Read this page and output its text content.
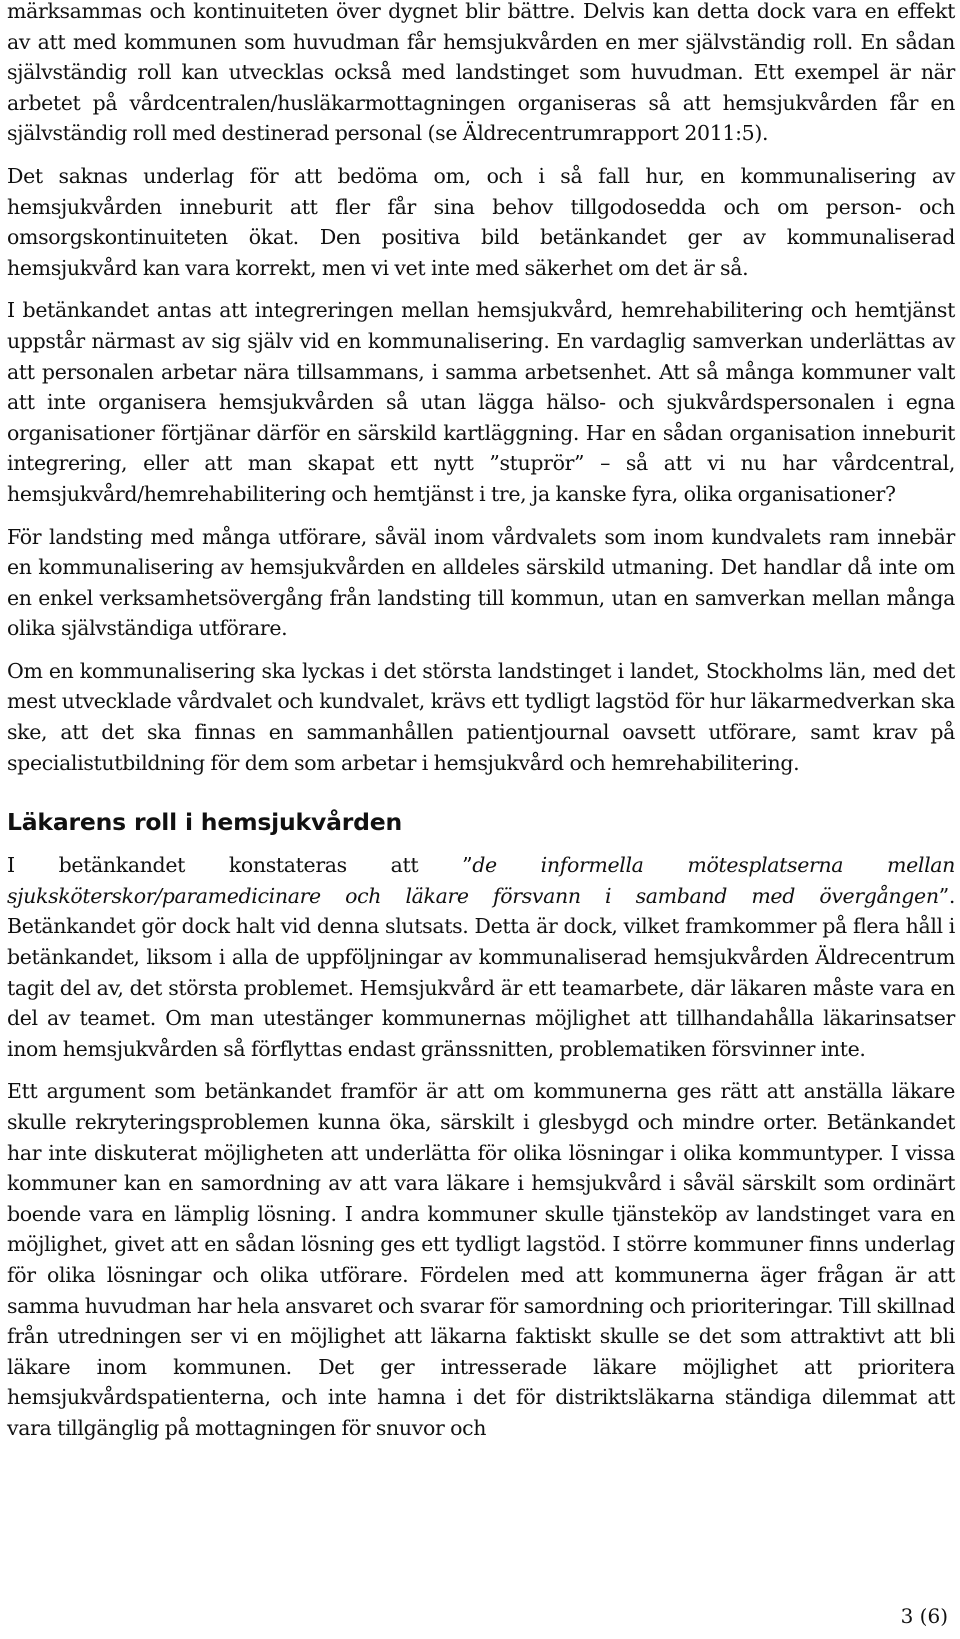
märksammas och kontinuiteten över dygnet blir bättre. Delvis kan detta dock vara en effekt av att med kommunen som huvudman får hemsjukvården en mer självständig roll. En sådan självständig roll kan utvecklas också med landstinget som huvudman. Ett exempel är när arbetet på vårdcentralen/husläkarmottagningen organiseras så att hemsjukvården får en självständig roll med destinerad personal (se Äldrecentrumrapport 2011:5).

Det saknas underlag för att bedöma om, och i så fall hur, en kommunalisering av hemsjukvården inneburit att fler får sina behov tillgodosedda och om person- och omsorgskontinuiteten ökat. Den positiva bild betänkandet ger av kommunaliserad hemsjukvård kan vara korrekt, men vi vet inte med säkerhet om det är så.

I betänkandet antas att integreringen mellan hemsjukvård, hemrehabilitering och hemtjänst uppstår närmast av sig själv vid en kommunalisering. En vardaglig samverkan underlättas av att personalen arbetar nära tillsammans, i samma arbetsenhet. Att så många kommuner valt att inte organisera hemsjukvården så utan lägga hälso- och sjukvårdspersonalen i egna organisationer förtjänar därför en särskild kartläggning. Har en sådan organisation inneburit integrering, eller att man skapat ett nytt ”stuprör” – så att vi nu har vårdcentral, hemsjukvård/hemrehabilitering och hemtjänst i tre, ja kanske fyra, olika organisationer?

För landsting med många utförare, såväl inom vårdvalets som inom kundvalets ram innebär en kommunalisering av hemsjukvården en alldeles särskild utmaning. Det handlar då inte om en enkel verksamhetsövergång från landsting till kommun, utan en samverkan mellan många olika självständiga utförare.

Om en kommunalisering ska lyckas i det största landstinget i landet, Stockholms län, med det mest utvecklade vårdvalet och kundvalet, krävs ett tydligt lagstöd för hur läkarmedverkan ska ske, att det ska finnas en sammanhållen patientjournal oavsett utförare, samt krav på specialistutbildning för dem som arbetar i hemsjukvård och hemrehabilitering.

Läkarens roll i hemsjukvården

I betänkandet konstateras att ”de informella mötesplatserna mellan sjuksköterskor/paramedicinare och läkare försvann i samband med övergången”. Betänkandet gör dock halt vid denna slutsats. Detta är dock, vilket framkommer på flera håll i betänkandet, liksom i alla de uppföljningar av kommunaliserad hemsjukvården Äldrecentrum tagit del av, det största problemet. Hemsjukvård är ett teamarbete, där läkaren måste vara en del av teamet. Om man utestänger kommunernas möjlighet att tillhandahålla läkarinsatser inom hemsjukvården så förflyttas endast gränssnitten, problematiken försvinner inte.

Ett argument som betänkandet framför är att om kommunerna ges rätt att anställa läkare skulle rekryteringsproblemen kunna öka, särskilt i glesbygd och mindre orter. Betänkandet har inte diskuterat möjligheten att underlätta för olika lösningar i olika kommuntyper. I vissa kommuner kan en samordning av att vara läkare i hemsjukvård i såväl särskilt som ordinärt boende vara en lämplig lösning. I andra kommuner skulle tjänsteköp av landstinget vara en möjlighet, givet att en sådan lösning ges ett tydligt lagstöd. I större kommuner finns underlag för olika lösningar och olika utförare. Fördelen med att kommunerna äger frågan är att samma huvudman har hela ansvaret och svarar för samordning och prioriteringar. Till skillnad från utredningen ser vi en möjlighet att läkarna faktiskt skulle se det som attraktivt att bli läkare inom kommunen. Det ger intresserade läkare möjlighet att prioritera hemsjukvårdspatienterna, och inte hamna i det för distriktsläkarna ständiga dilemmat att vara tillgänglig på mottagningen för snuvor och

3 (6)
